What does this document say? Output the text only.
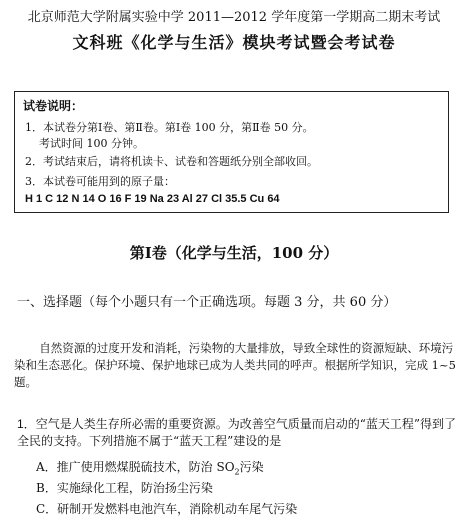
北京师范大学附属实验中学 2011—2012 学年度第一学期高二期末考试
文科班《化学与生活》模块考试暨会考试卷
试卷说明：
1．本试卷分第Ⅰ卷、第Ⅱ卷。第Ⅰ卷 100 分，第Ⅱ卷 50 分。
考试时间 100 分钟。
2．考试结束后，请将机读卡、试卷和答题纸分别全部收回。
3．本试卷可能用到的原子量：
H 1 C 12 N 14 O 16 F 19 Na 23 Al 27 Cl 35.5 Cu 64
第Ⅰ卷（化学与生活，100 分）
一、选择题（每个小题只有一个正确选项。每题 3 分，共 60 分）
自然资源的过度开发和消耗，污染物的大量排放，导致全球性的资源短缺、环境污染和生态恶化。保护环境、保护地球已成为人类共同的呼声。根据所学知识，完成 1~5 题。
1．空气是人类生存所必需的重要资源。为改善空气质量而启动的“蓝天工程”得到了全民的支持。下列措施不属于“蓝天工程”建设的是
A．推广使用燃煤脱硫技术，防治 $SO_2$污染
B．实施绿化工程，防治扬尘污染
C．研制开发燃料电池汽车，消除机动车尾气污染
